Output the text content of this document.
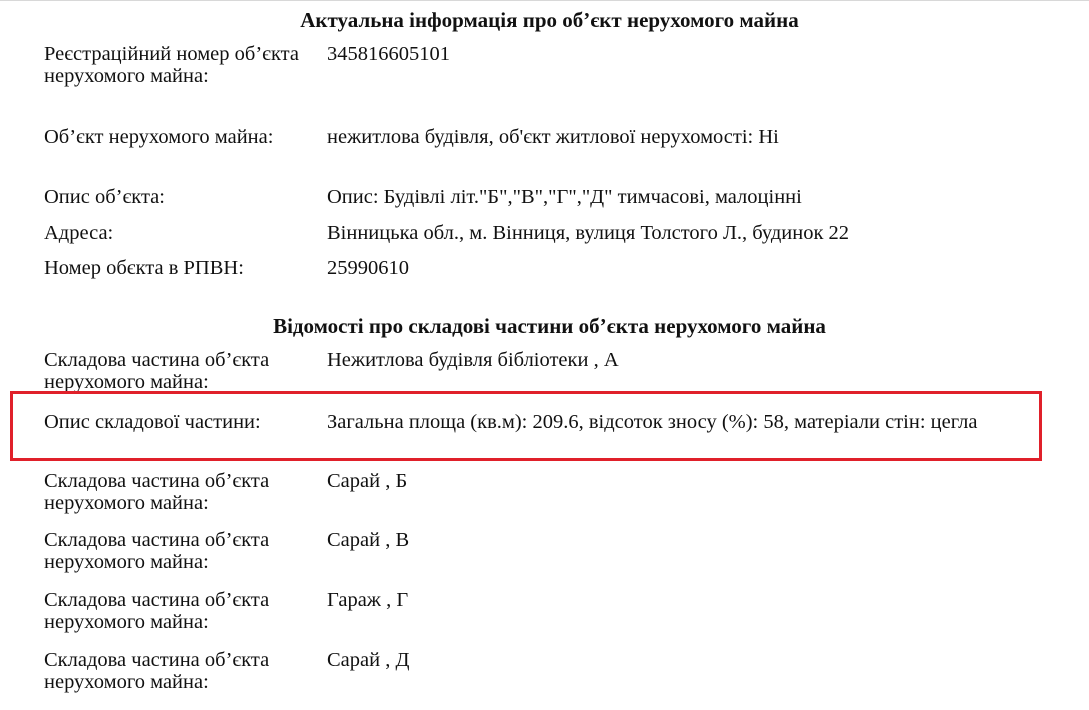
Актуальна інформація про об’єкт нерухомого майна
Реєстраційний номер об’єкта нерухомого майна:
345816605101
Об’єкт нерухомого майна:	нежитлова будівля, об'єкт житлової нерухомості: Ні
Опис об’єкта:	Опис: Будівлі літ."Б","В","Г","Д" тимчасові, малоцінні
Адреса:	Вінницька обл., м. Вінниця, вулиця Толстого Л., будинок 22
Номер обєкта в РПВН:	25990610
Відомості про складові частини об’єкта нерухомого майна
Складова частина об’єкта нерухомого майна:
Нежитлова будівля бібліотеки , А
Опис складової частини:	Загальна площа (кв.м): 209.6, відсоток зносу (%): 58, матеріали стін: цегла
Складова частина об’єкта нерухомого майна:
Сарай , Б
Складова частина об’єкта нерухомого майна:
Сарай , В
Складова частина об’єкта нерухомого майна:
Гараж , Г
Складова частина об’єкта нерухомого майна:
Сарай , Д
